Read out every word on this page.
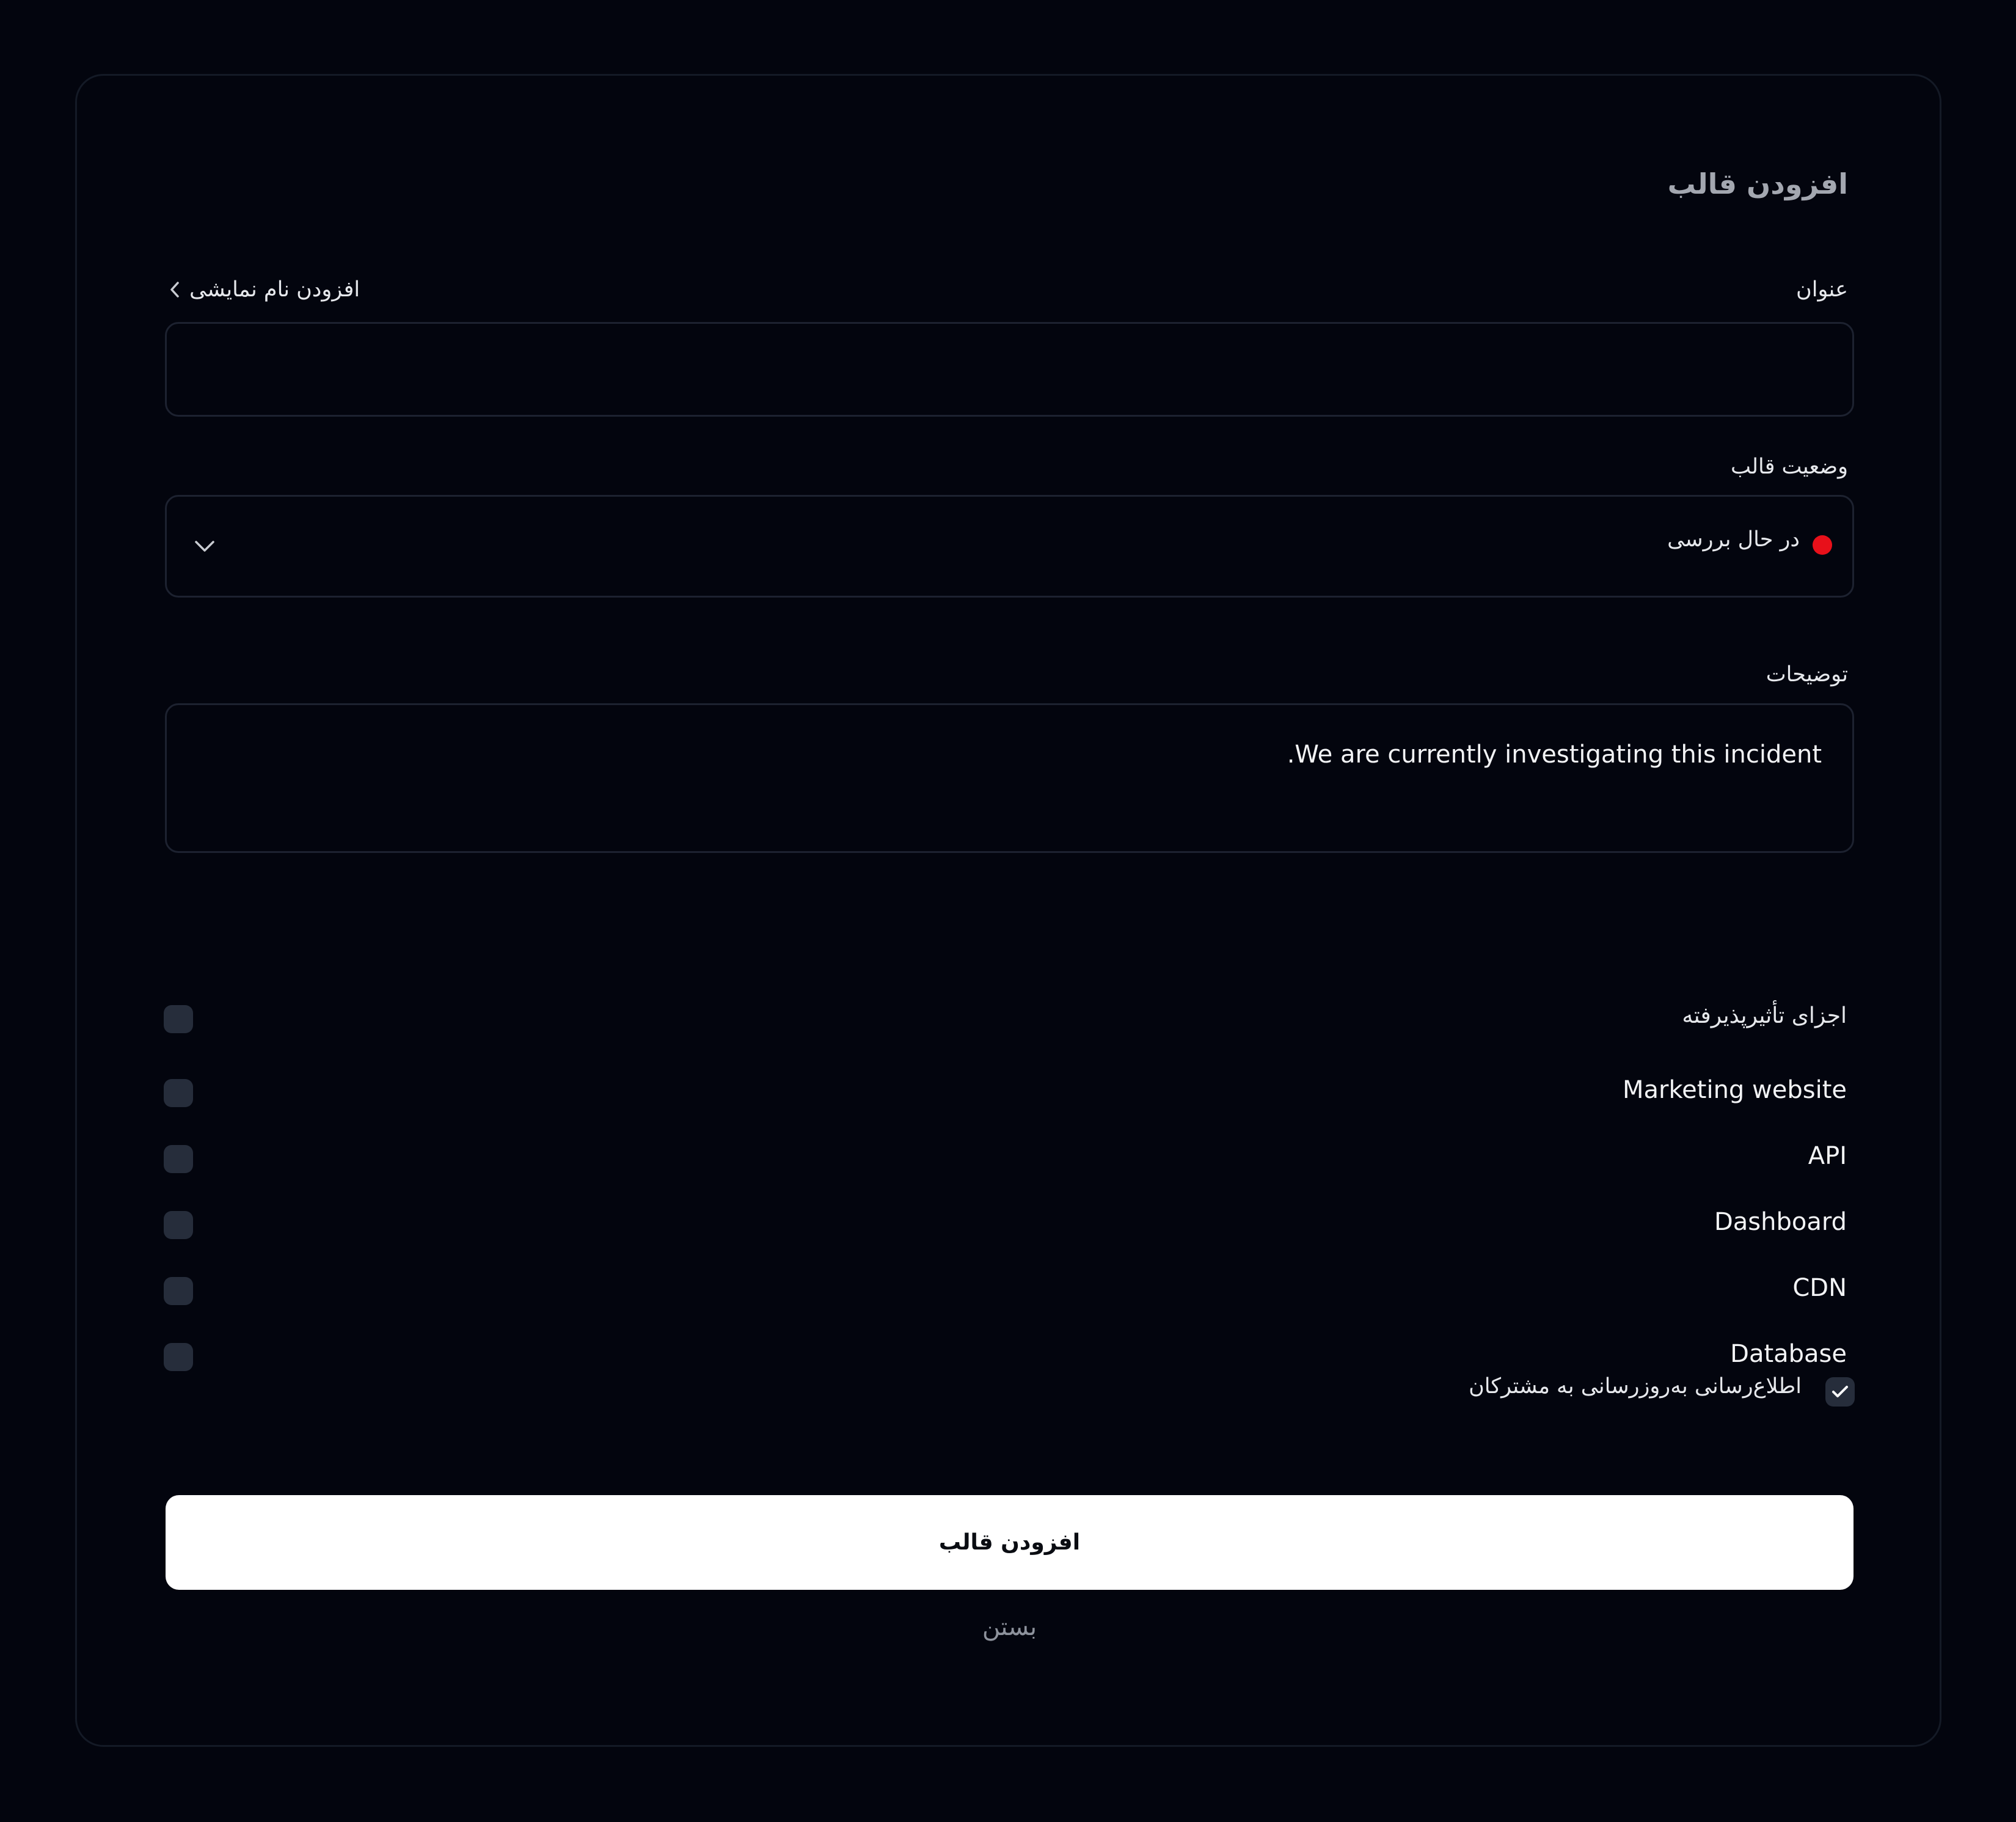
افزودن قالب
عنوان
افزودن نام نمایشی
وضعیت قالب
در حال بررسی
توضیحات
.We are currently investigating this incident
اجزای تأثیرپذیرفته
Marketing website
API
Dashboard
CDN
Database
اطلاع‌رسانی به‌روزرسانی به مشترکان
افزودن قالب
بستن
